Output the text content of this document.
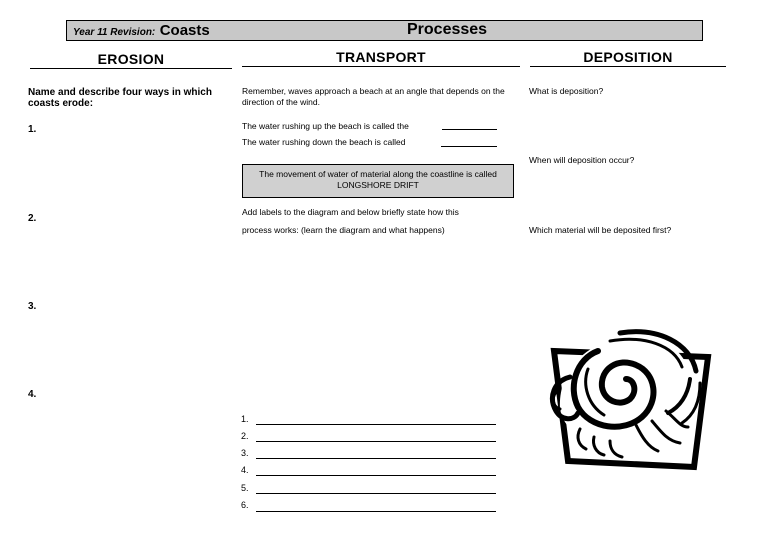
Year 11 Revision: Coasts	Processes
EROSION	TRANSPORT	DEPOSITION
Name and describe four ways in which coasts erode:
1.
2.
3.
4.
Remember, waves approach a beach at an angle that depends on the direction of the wind.
The water rushing up the beach is called the
The water rushing down the beach is called
The movement of water of material along the coastline is called LONGSHORE DRIFT
Add labels to the diagram and below briefly state how this
process works: (learn the diagram and what happens)
1.
2.
3.
4.
5.
6.
What is deposition?
When will deposition occur?
Which material will be deposited first?
